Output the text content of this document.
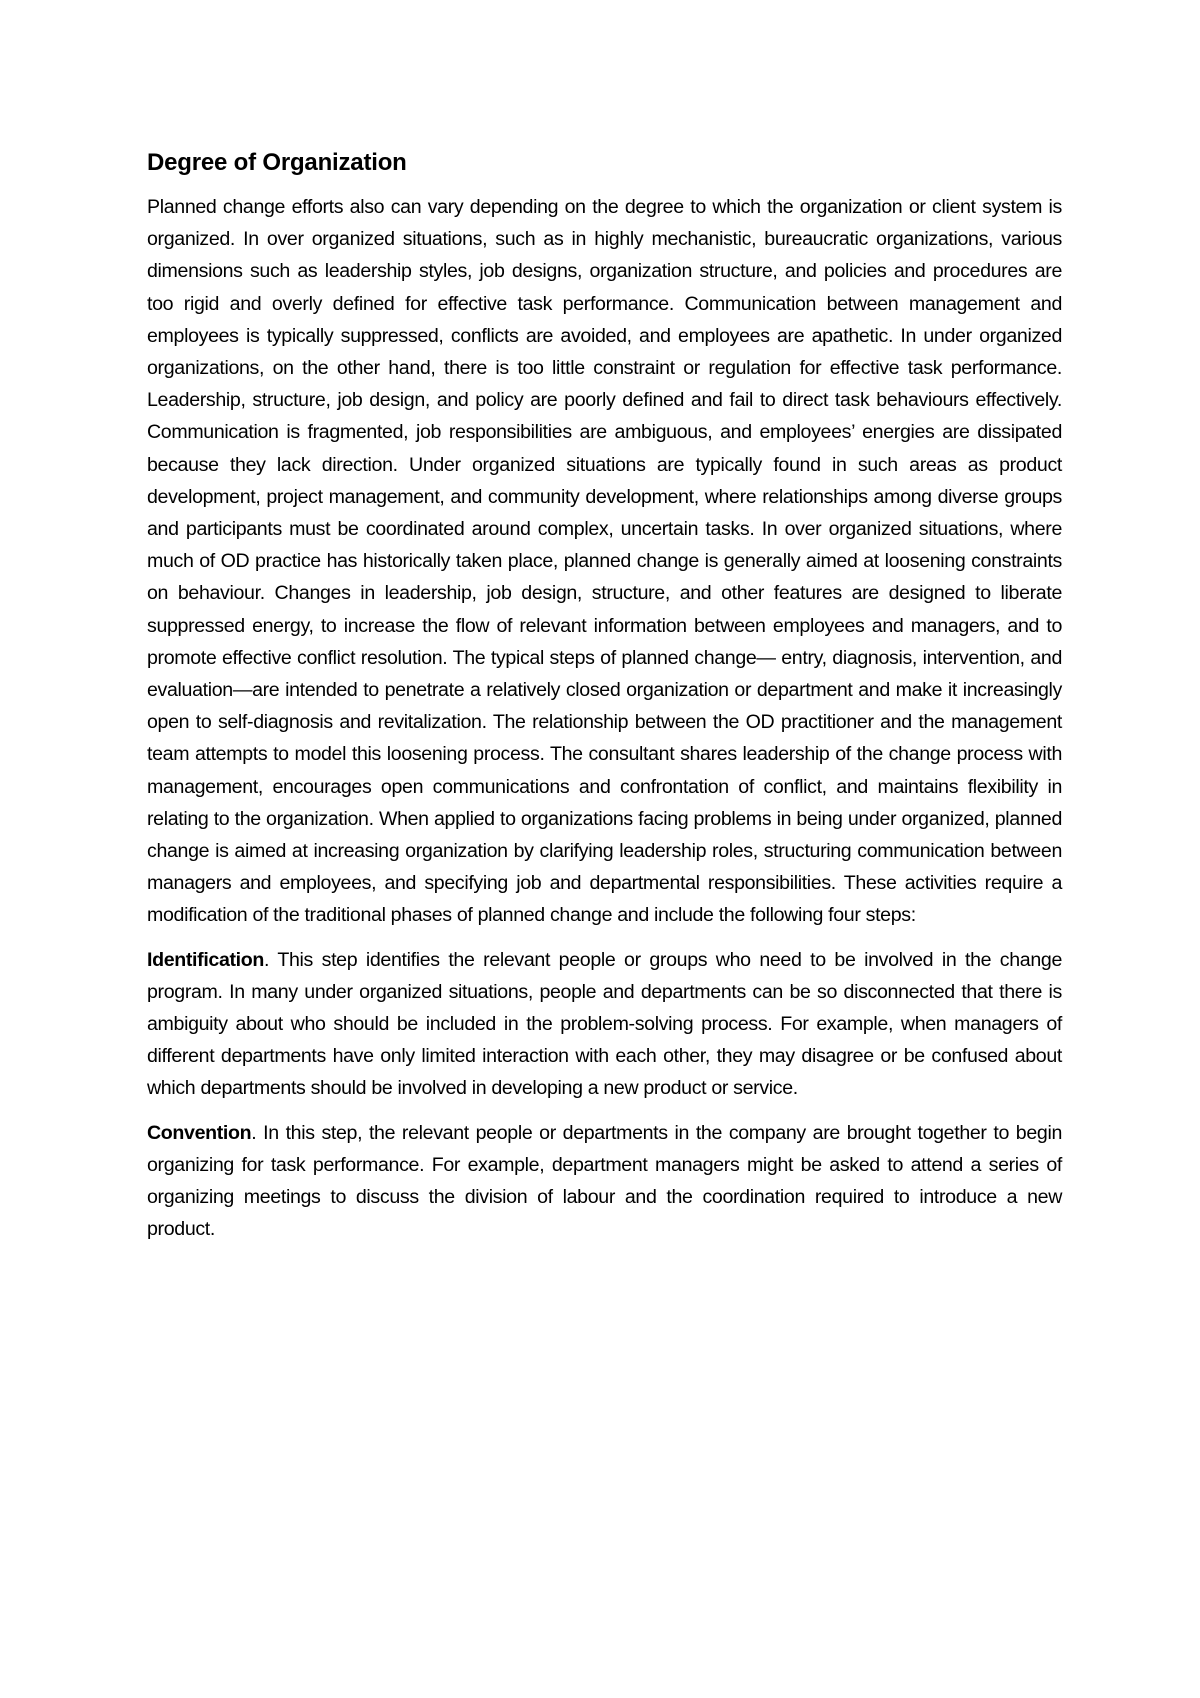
Degree of Organization

Planned change efforts also can vary depending on the degree to which the organization or client system is organized. In over organized situations, such as in highly mechanistic, bureaucratic organizations, various dimensions such as leadership styles, job designs, organization structure, and policies and procedures are too rigid and overly defined for effective task performance. Communication between management and employees is typically suppressed, conflicts are avoided, and employees are apathetic. In under organized organizations, on the other hand, there is too little constraint or regulation for effective task performance. Leadership, structure, job design, and policy are poorly defined and fail to direct task behaviours effectively. Communication is fragmented, job responsibilities are ambiguous, and employees’ energies are dissipated because they lack direction. Under organized situations are typically found in such areas as product development, project management, and community development, where relationships among diverse groups and participants must be coordinated around complex, uncertain tasks. In over organized situations, where much of OD practice has historically taken place, planned change is generally aimed at loosening constraints on behaviour. Changes in leadership, job design, structure, and other features are designed to liberate suppressed energy, to increase the flow of relevant information between employees and managers, and to promote effective conflict resolution. The typical steps of planned change— entry, diagnosis, intervention, and evaluation—are intended to penetrate a relatively closed organization or department and make it increasingly open to self-diagnosis and revitalization. The relationship between the OD practitioner and the management team attempts to model this loosening process. The consultant shares leadership of the change process with management, encourages open communications and confrontation of conflict, and maintains flexibility in relating to the organization. When applied to organizations facing problems in being under organized, planned change is aimed at increasing organization by clarifying leadership roles, structuring communication between managers and employees, and specifying job and departmental responsibilities. These activities require a modification of the traditional phases of planned change and include the following four steps:

Identification. This step identifies the relevant people or groups who need to be involved in the change program. In many under organized situations, people and departments can be so disconnected that there is ambiguity about who should be included in the problem-solving process. For example, when managers of different departments have only limited interaction with each other, they may disagree or be confused about which departments should be involved in developing a new product or service.

Convention. In this step, the relevant people or departments in the company are brought together to begin organizing for task performance. For example, department managers might be asked to attend a series of organizing meetings to discuss the division of labour and the coordination required to introduce a new product.
